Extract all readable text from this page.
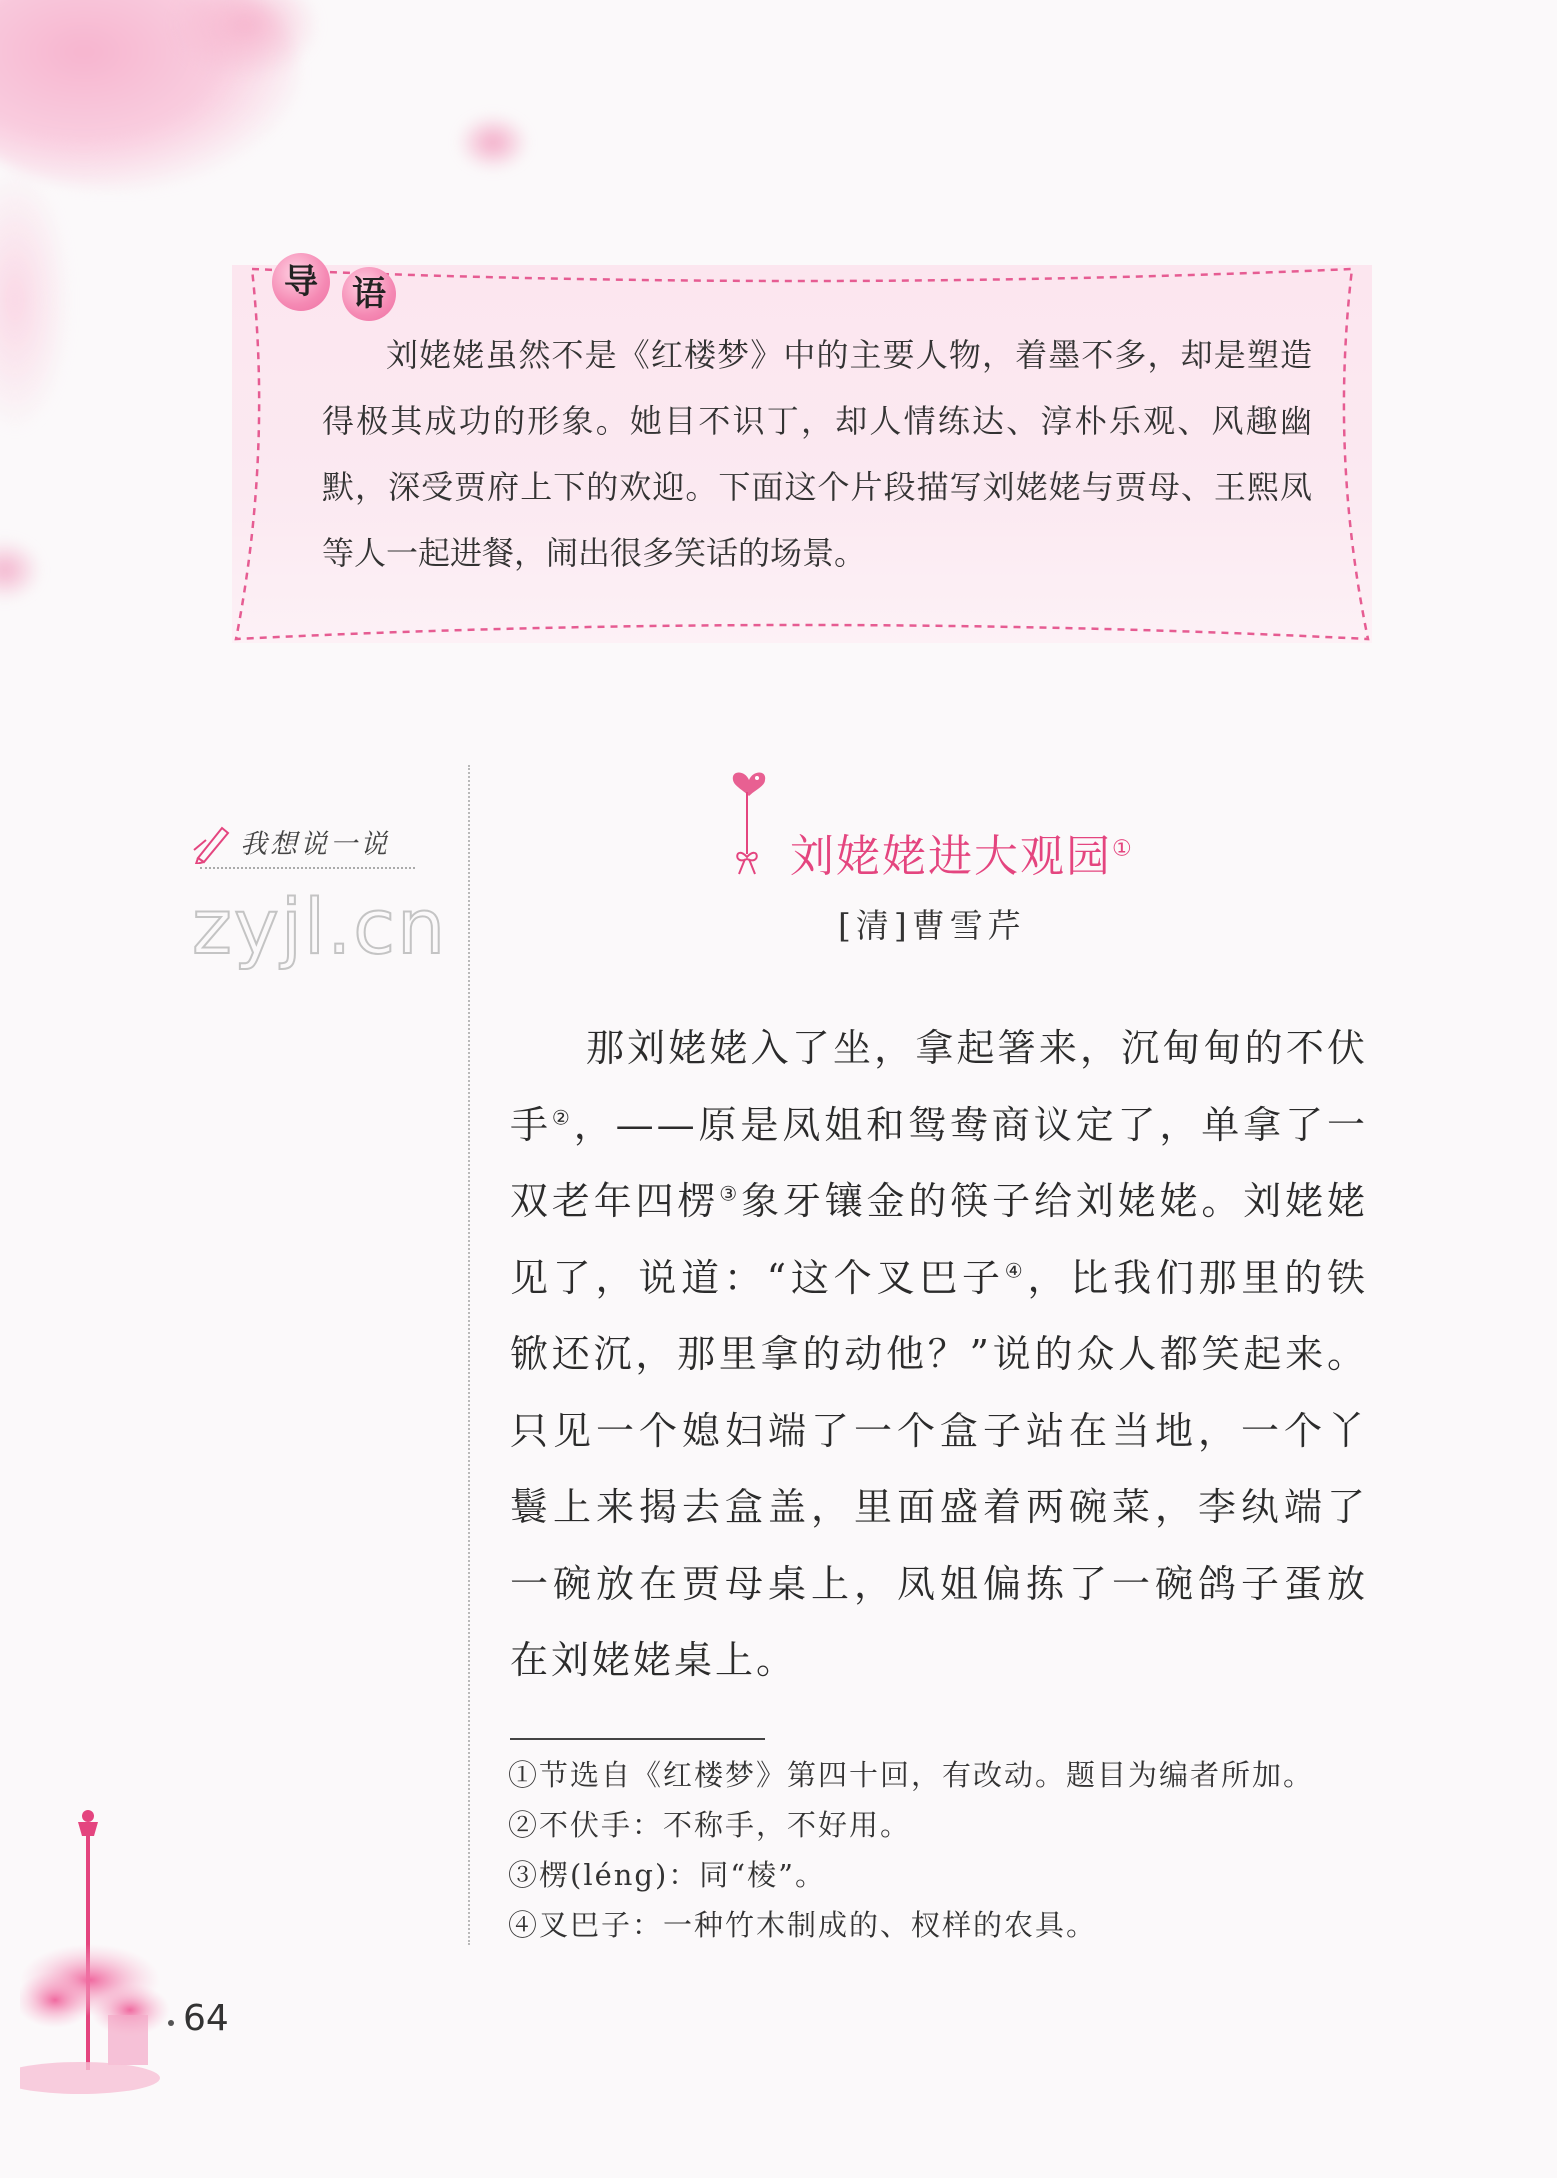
导	语

刘姥姥虽然不是《红楼梦》中的主要人物，着墨不多，却是塑造得极其成功的形象。她目不识丁，却人情练达、淳朴乐观、风趣幽默，深受贾府上下的欢迎。下面这个片段描写刘姥姥与贾母、王熙凤等人一起进餐，闹出很多笑话的场景。

我想说一说
zyjl.cn
刘姥姥进大观园①
[清]曹雪芹

那刘姥姥入了坐，拿起箸来，沉甸甸的不伏手②，——原是凤姐和鸳鸯商议定了，单拿了一双老年四楞③象牙镶金的筷子给刘姥姥。刘姥姥见了，说道：“这个叉巴子④，比我们那里的铁锨还沉，那里拿的动他？”说的众人都笑起来。只见一个媳妇端了一个盒子站在当地，一个丫鬟上来揭去盒盖，里面盛着两碗菜，李纨端了一碗放在贾母桌上，凤姐偏拣了一碗鸽子蛋放在刘姥姥桌上。

①节选自《红楼梦》第四十回，有改动。题目为编者所加。
②不伏手：不称手，不好用。
③楞(léng)：同“棱”。
④叉巴子：一种竹木制成的、杈样的农具。
64
